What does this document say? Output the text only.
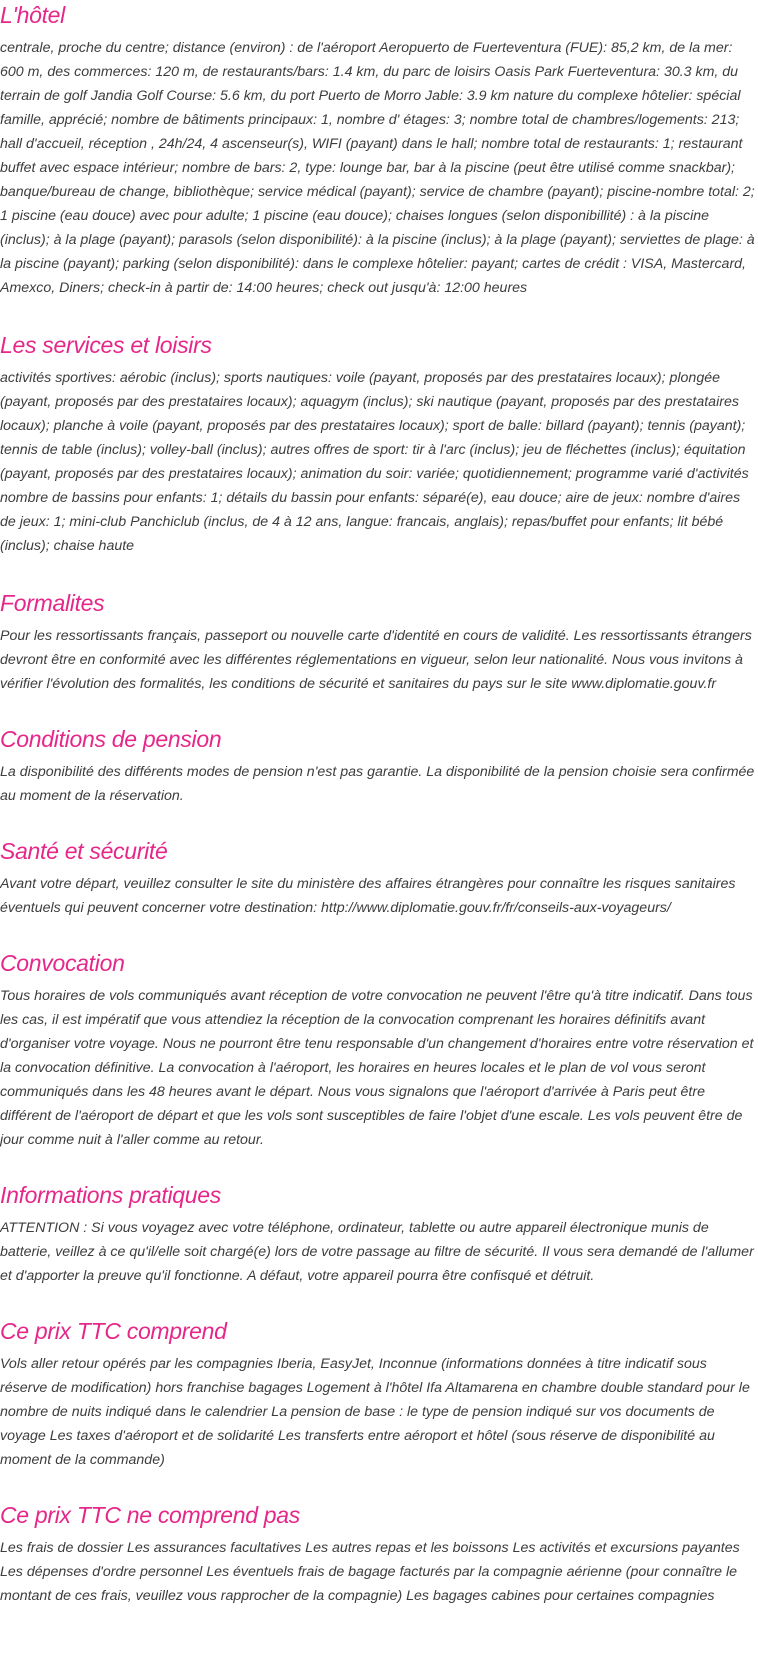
L'hôtel

centrale, proche du centre; distance (environ) : de l'aéroport Aeropuerto de Fuerteventura (FUE): 85,2 km, de la mer: 600 m, des commerces: 120 m, de restaurants/bars: 1.4 km, du parc de loisirs Oasis Park Fuerteventura: 30.3 km, du terrain de golf Jandia Golf Course: 5.6 km, du port Puerto de Morro Jable: 3.9 km nature du complexe hôtelier: spécial famille, apprécié; nombre de bâtiments principaux: 1, nombre d' étages: 3; nombre total de chambres/logements: 213; hall d'accueil, réception , 24h/24, 4 ascenseur(s), WIFI (payant) dans le hall; nombre total de restaurants: 1; restaurant buffet avec espace intérieur; nombre de bars: 2, type: lounge bar, bar à la piscine (peut être utilisé comme snackbar); banque/bureau de change, bibliothèque; service médical (payant); service de chambre (payant); piscine-nombre total: 2; 1 piscine (eau douce) avec pour adulte; 1 piscine (eau douce); chaises longues (selon disponibillité) : à la piscine (inclus); à la plage (payant); parasols (selon disponibilité): à la piscine (inclus); à la plage (payant); serviettes de plage: à la piscine (payant); parking (selon disponibilité): dans le complexe hôtelier: payant; cartes de crédit : VISA, Mastercard, Amexco, Diners; check-in à partir de: 14:00 heures; check out jusqu'à: 12:00 heures

Les services et loisirs

activités sportives: aérobic (inclus); sports nautiques: voile (payant, proposés par des prestataires locaux); plongée (payant, proposés par des prestataires locaux); aquagym (inclus); ski nautique (payant, proposés par des prestataires locaux); planche à voile (payant, proposés par des prestataires locaux); sport de balle: billard (payant); tennis (payant); tennis de table (inclus); volley-ball (inclus); autres offres de sport: tir à l'arc (inclus); jeu de fléchettes (inclus); équitation (payant, proposés par des prestataires locaux); animation du soir: variée; quotidiennement; programme varié d'activités nombre de bassins pour enfants: 1; détails du bassin pour enfants: séparé(e), eau douce; aire de jeux: nombre d'aires de jeux: 1; mini-club Panchiclub (inclus, de 4 à 12 ans, langue: francais, anglais); repas/buffet pour enfants; lit bébé (inclus); chaise haute

Formalites

Pour les ressortissants français, passeport ou nouvelle carte d'identité en cours de validité. Les ressortissants étrangers devront être en conformité avec les différentes réglementations en vigueur, selon leur nationalité. Nous vous invitons à vérifier l'évolution des formalités, les conditions de sécurité et sanitaires du pays sur le site www.diplomatie.gouv.fr

Conditions de pension

La disponibilité des différents modes de pension n'est pas garantie. La disponibilité de la pension choisie sera confirmée au moment de la réservation.

Santé et sécurité

Avant votre départ, veuillez consulter le site du ministère des affaires étrangères pour connaître les risques sanitaires éventuels qui peuvent concerner votre destination: http://www.diplomatie.gouv.fr/fr/conseils-aux-voyageurs/

Convocation

Tous horaires de vols communiqués avant réception de votre convocation ne peuvent l'être qu'à titre indicatif. Dans tous les cas, il est impératif que vous attendiez la réception de la convocation comprenant les horaires définitifs avant d'organiser votre voyage. Nous ne pourront être tenu responsable d'un changement d'horaires entre votre réservation et la convocation définitive. La convocation à l'aéroport, les horaires en heures locales et le plan de vol vous seront communiqués dans les 48 heures avant le départ. Nous vous signalons que l'aéroport d'arrivée à Paris peut être différent de l'aéroport de départ et que les vols sont susceptibles de faire l'objet d'une escale. Les vols peuvent être de jour comme nuit à l'aller comme au retour.

Informations pratiques

ATTENTION : Si vous voyagez avec votre téléphone, ordinateur, tablette ou autre appareil électronique munis de batterie, veillez à ce qu'il/elle soit chargé(e) lors de votre passage au filtre de sécurité. Il vous sera demandé de l'allumer et d'apporter la preuve qu'il fonctionne. A défaut, votre appareil pourra être confisqué et détruit.

Ce prix TTC comprend

Vols aller retour opérés par les compagnies Iberia, EasyJet, Inconnue (informations données à titre indicatif sous réserve de modification) hors franchise bagages Logement à l'hôtel Ifa Altamarena en chambre double standard pour le nombre de nuits indiqué dans le calendrier La pension de base : le type de pension indiqué sur vos documents de voyage Les taxes d'aéroport et de solidarité Les transferts entre aéroport et hôtel (sous réserve de disponibilité au moment de la commande)

Ce prix TTC ne comprend pas

Les frais de dossier Les assurances facultatives Les autres repas et les boissons Les activités et excursions payantes Les dépenses d'ordre personnel Les éventuels frais de bagage facturés par la compagnie aérienne (pour connaître le montant de ces frais, veuillez vous rapprocher de la compagnie) Les bagages cabines pour certaines compagnies
